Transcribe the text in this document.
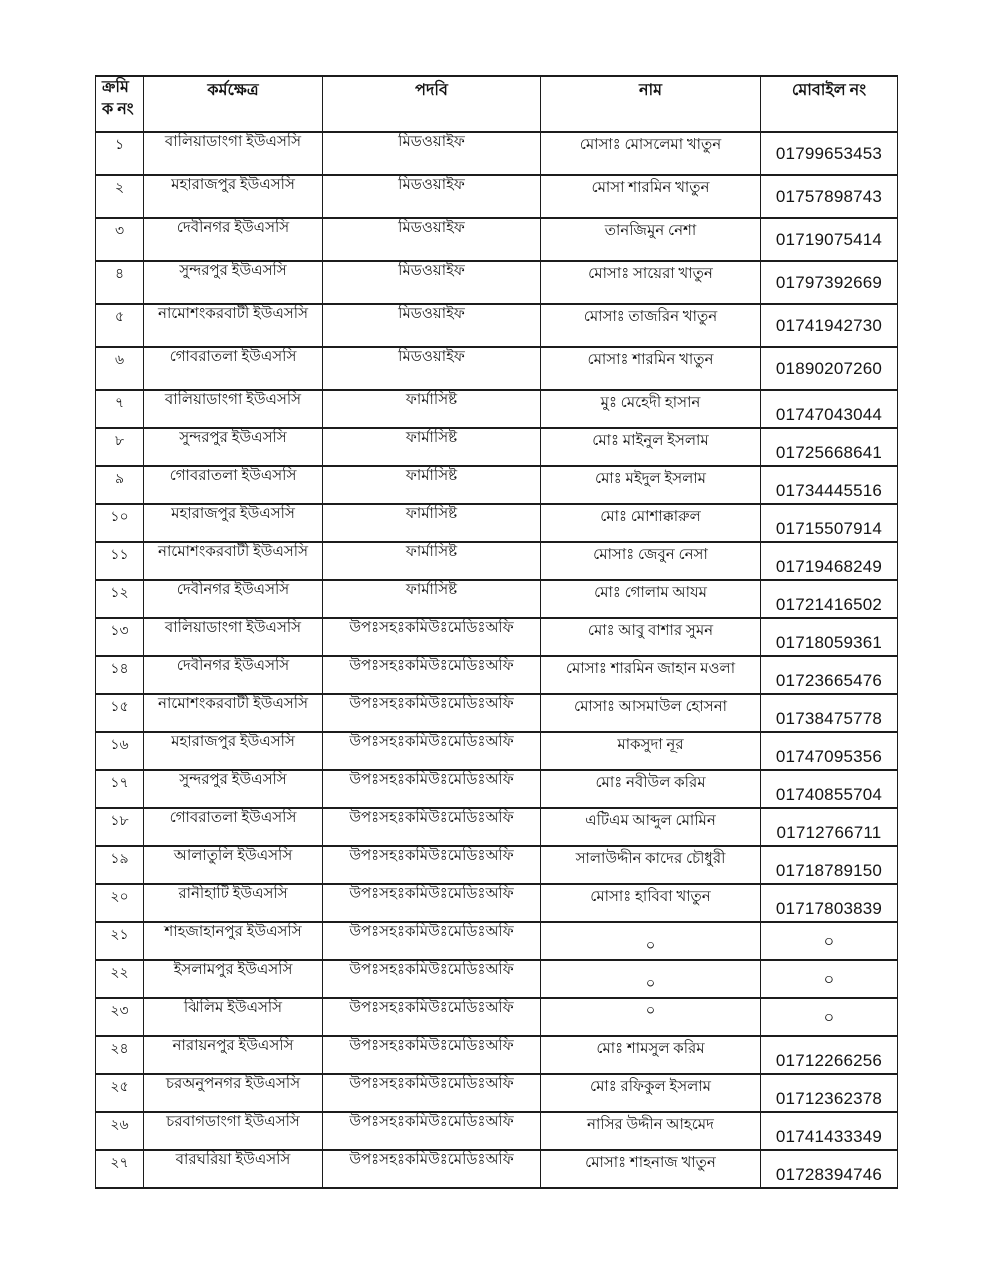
ক্রমি
ক নং	কর্মক্ষেত্র	পদবি	নাম	মোবাইল নং
১	বালিয়াডাংগা ইউএসসি	মিডওয়াইফ	মোসাঃ মোসলেমা খাতুন	01799653453

২	মহারাজপুর ইউএসসি	মিডওয়াইফ	মোসা শারমিন খাতুন	01757898743

৩	দেবীনগর ইউএসসি	মিডওয়াইফ	তানজিমুন নেশা	01719075414

৪	সুন্দরপুর ইউএসসি	মিডওয়াইফ	মোসাঃ সায়েরা খাতুন	01797392669

৫	নামোশংকরবাটী ইউএসসি	মিডওয়াইফ	মোসাঃ তাজরিন খাতুন	01741942730

৬	গোবরাতলা ইউএসসি	মিডওয়াইফ	মোসাঃ শারমিন খাতুন	01890207260

৭	বালিয়াডাংগা ইউএসসি	ফার্মাসিষ্ট	মুঃ মেহেদী হাসান	01747043044

৮	সুন্দরপুর ইউএসসি	ফার্মাসিষ্ট	মোঃ মাইনুল ইসলাম	01725668641

৯	গোবরাতলা ইউএসসি	ফার্মাসিষ্ট	মোঃ মইদুল ইসলাম	01734445516

১০	মহারাজপুর ইউএসসি	ফার্মাসিষ্ট	মোঃ মোশাক্কারুল	01715507914

১১	নামোশংকরবাটী ইউএসসি	ফার্মাসিষ্ট	মোসাঃ জেবুন নেসা	01719468249

১২	দেবীনগর ইউএসসি	ফার্মাসিষ্ট	মোঃ গোলাম আযম	01721416502

১৩	বালিয়াডাংগা ইউএসসি	উপঃসহঃকমিউঃমেডিঃঅফি	মোঃ আবু বাশার সুমন	01718059361

১৪	দেবীনগর ইউএসসি	উপঃসহঃকমিউঃমেডিঃঅফি	মোসাঃ শারমিন জাহান মওলা	01723665476

১৫	নামোশংকরবাটী ইউএসসি	উপঃসহঃকমিউঃমেডিঃঅফি	মোসাঃ আসমাউল হোসনা	01738475778

১৬	মহারাজপুর ইউএসসি	উপঃসহঃকমিউঃমেডিঃঅফি	মাকসুদা নূর	01747095356

১৭	সুন্দরপুর ইউএসসি	উপঃসহঃকমিউঃমেডিঃঅফি	মোঃ নবীউল করিম	01740855704

১৮	গোবরাতলা ইউএসসি	উপঃসহঃকমিউঃমেডিঃঅফি	এটিএম আব্দুল মোমিন	01712766711

১৯	আলাতুলি ইউএসসি	উপঃসহঃকমিউঃমেডিঃঅফি	সালাউদ্দীন কাদের চৌধুরী	01718789150

২০	রানীহাটি ইউএসসি	উপঃসহঃকমিউঃমেডিঃঅফি	মোসাঃ হাবিবা খাতুন	01717803839

২১	শাহজাহানপুর ইউএসসি	উপঃসহঃকমিউঃমেডিঃঅফি	০	০

২২	ইসলামপুর ইউএসসি	উপঃসহঃকমিউঃমেডিঃঅফি	০	০

২৩	ঝিলিম ইউএসসি	উপঃসহঃকমিউঃমেডিঃঅফি	০	০

২৪	নারায়নপুর ইউএসসি	উপঃসহঃকমিউঃমেডিঃঅফি	মোঃ শামসুল করিম	01712266256

২৫	চরঅনুপনগর ইউএসসি	উপঃসহঃকমিউঃমেডিঃঅফি	মোঃ রফিকুল ইসলাম	01712362378

২৬	চরবাগডাংগা ইউএসসি	উপঃসহঃকমিউঃমেডিঃঅফি	নাসির উদ্দীন আহমেদ	01741433349

২৭	বারঘরিয়া ইউএসসি	উপঃসহঃকমিউঃমেডিঃঅফি	মোসাঃ শাহনাজ খাতুন	01728394746
